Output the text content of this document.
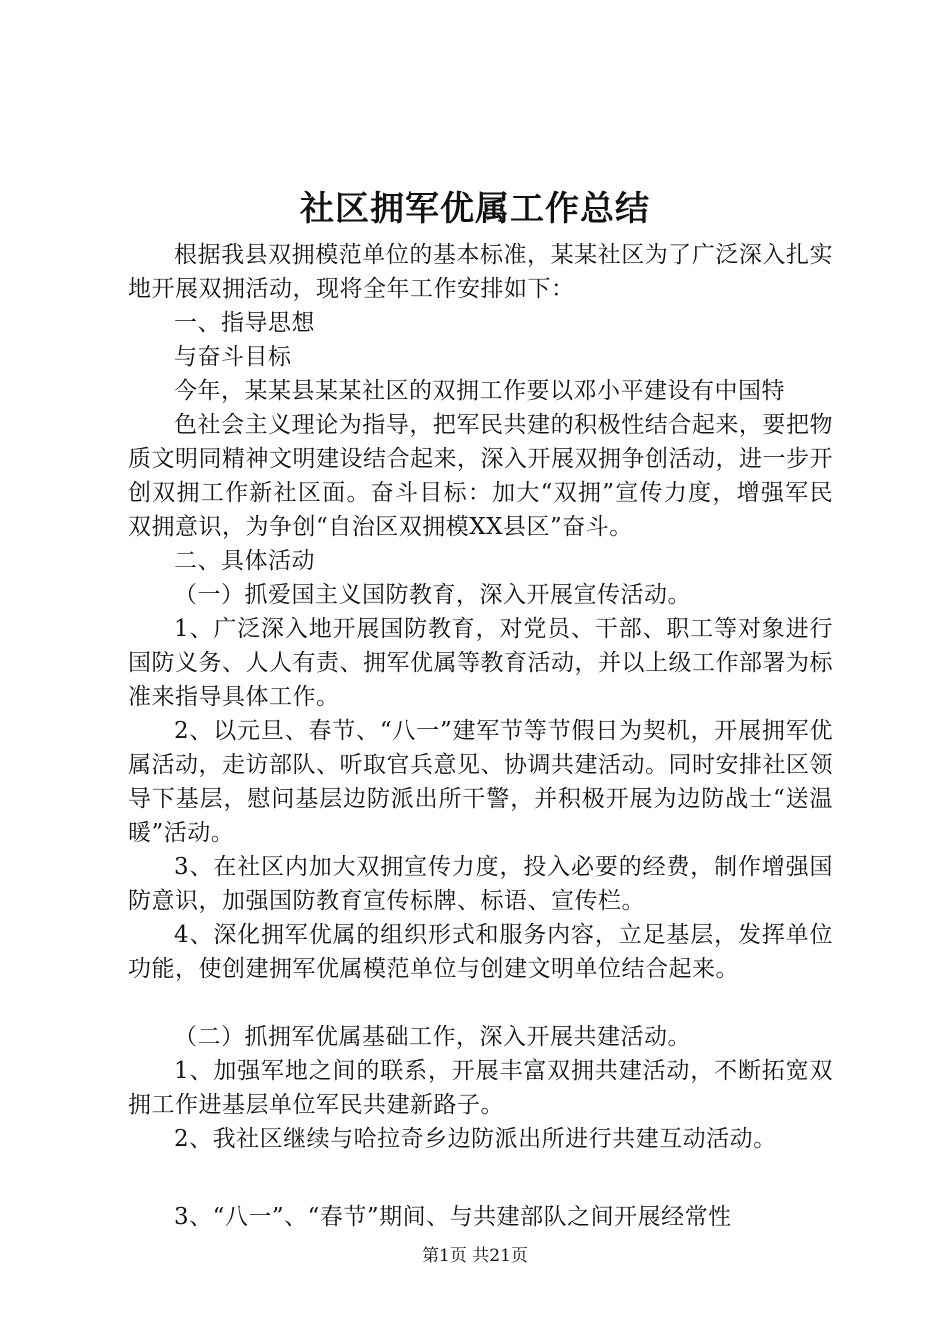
社区拥军优属工作总结

根据我县双拥模范单位的基本标准，某某社区为了广泛深入扎实地开展双拥活动，现将全年工作安排如下：

一、指导思想

与奋斗目标

今年，某某县某某社区的双拥工作要以邓小平建设有中国特

色社会主义理论为指导，把军民共建的积极性结合起来，要把物质文明同精神文明建设结合起来，深入开展双拥争创活动，进一步开创双拥工作新社区面。奋斗目标：加大“双拥”宣传力度，增强军民双拥意识，为争创“自治区双拥模XX县区”奋斗。

二、具体活动

（一）抓爱国主义国防教育，深入开展宣传活动。

1、广泛深入地开展国防教育，对党员、干部、职工等对象进行国防义务、人人有责、拥军优属等教育活动，并以上级工作部署为标准来指导具体工作。

2、以元旦、春节、“八一”建军节等节假日为契机，开展拥军优属活动，走访部队、听取官兵意见、协调共建活动。同时安排社区领导下基层，慰问基层边防派出所干警，并积极开展为边防战士“送温暖”活动。

3、在社区内加大双拥宣传力度，投入必要的经费，制作增强国防意识，加强国防教育宣传标牌、标语、宣传栏。

4、深化拥军优属的组织形式和服务内容，立足基层，发挥单位功能，使创建拥军优属模范单位与创建文明单位结合起来。

（二）抓拥军优属基础工作，深入开展共建活动。

1、加强军地之间的联系，开展丰富双拥共建活动，不断拓宽双拥工作进基层单位军民共建新路子。

2、我社区继续与哈拉奇乡边防派出所进行共建互动活动。

3、“八一”、“春节”期间、与共建部队之间开展经常性

第1页 共21页
